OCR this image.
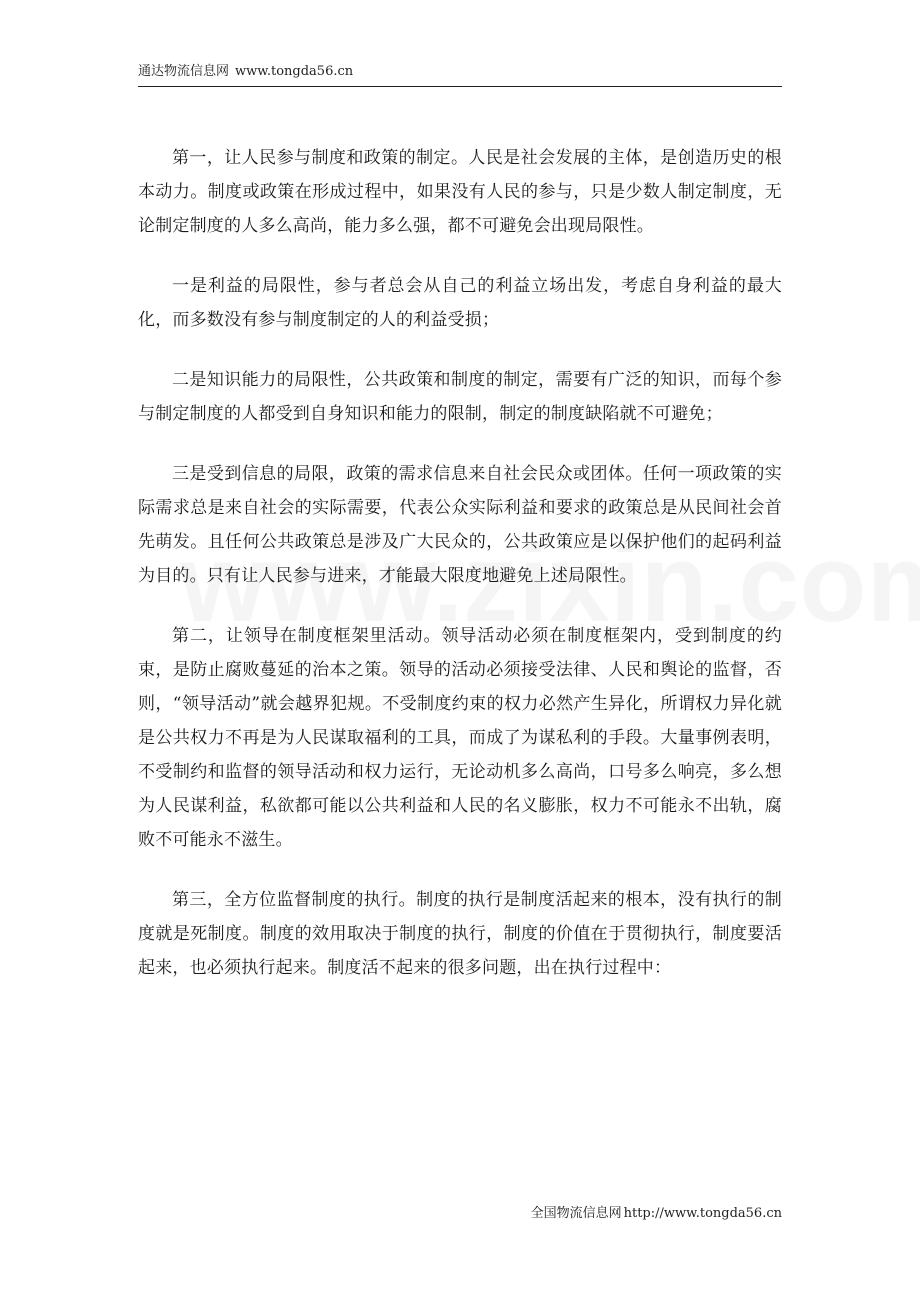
通达物流信息网 www.tongda56.cn

第一，让人民参与制度和政策的制定。人民是社会发展的主体，是创造历史的根本动力。制度或政策在形成过程中，如果没有人民的参与，只是少数人制定制度，无论制定制度的人多么高尚，能力多么强，都不可避免会出现局限性。

一是利益的局限性，参与者总会从自己的利益立场出发，考虑自身利益的最大化，而多数没有参与制度制定的人的利益受损；

二是知识能力的局限性，公共政策和制度的制定，需要有广泛的知识，而每个参与制定制度的人都受到自身知识和能力的限制，制定的制度缺陷就不可避免；

三是受到信息的局限，政策的需求信息来自社会民众或团体。任何一项政策的实际需求总是来自社会的实际需要，代表公众实际利益和要求的政策总是从民间社会首先萌发。且任何公共政策总是涉及广大民众的，公共政策应是以保护他们的起码利益为目的。只有让人民参与进来，才能最大限度地避免上述局限性。

第二，让领导在制度框架里活动。领导活动必须在制度框架内，受到制度的约束，是防止腐败蔓延的治本之策。领导的活动必须接受法律、人民和舆论的监督，否则，“领导活动”就会越界犯规。不受制度约束的权力必然产生异化，所谓权力异化就是公共权力不再是为人民谋取福利的工具，而成了为谋私利的手段。大量事例表明，不受制约和监督的领导活动和权力运行，无论动机多么高尚，口号多么响亮，多么想为人民谋利益，私欲都可能以公共利益和人民的名义膨胀，权力不可能永不出轨，腐败不可能永不滋生。

第三，全方位监督制度的执行。制度的执行是制度活起来的根本，没有执行的制度就是死制度。制度的效用取决于制度的执行，制度的价值在于贯彻执行，制度要活起来，也必须执行起来。制度活不起来的很多问题，出在执行过程中：

全国物流信息网 http://www.tongda56.cn
